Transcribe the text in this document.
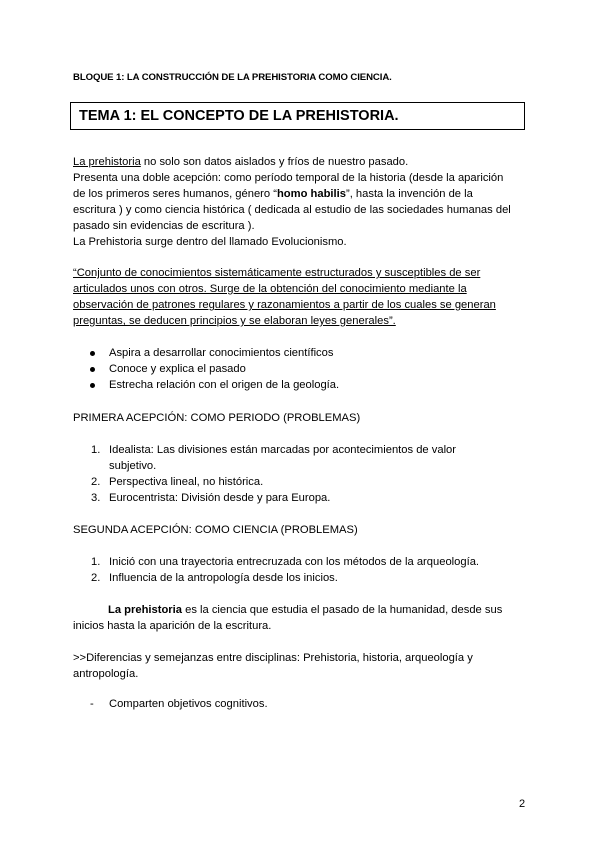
BLOQUE 1: LA CONSTRUCCIÓN DE LA PREHISTORIA COMO CIENCIA.
TEMA 1: EL CONCEPTO DE LA PREHISTORIA.
La prehistoria no solo son datos aislados y fríos de nuestro pasado.
Presenta una doble acepción: como período temporal de la historia (desde la aparición de los primeros seres humanos, género “homo habilis”, hasta la invención de la escritura ) y como ciencia histórica ( dedicada al estudio de las sociedades humanas del pasado sin evidencias de escritura ).
La Prehistoria surge dentro del llamado Evolucionismo.
“Conjunto de conocimientos sistemáticamente estructurados y susceptibles de ser articulados unos con otros. Surge de la obtención del conocimiento mediante la observación de patrones regulares y razonamientos a partir de los cuales se generan preguntas, se deducen principios y se elaboran leyes generales”.
Aspira a desarrollar conocimientos científicos
Conoce y explica el pasado
Estrecha relación con el origen de la geología.
PRIMERA ACEPCIÓN: COMO PERIODO (PROBLEMAS)
1. Idealista: Las divisiones están marcadas por acontecimientos de valor subjetivo.
2. Perspectiva lineal, no histórica.
3. Eurocentrista: División desde y para Europa.
SEGUNDA ACEPCIÓN: COMO CIENCIA (PROBLEMAS)
1. Inició con una trayectoria entrecruzada con los métodos de la arqueología.
2. Influencia de la antropología desde los inicios.
La prehistoria es la ciencia que estudia el pasado de la humanidad, desde sus inicios hasta la aparición de la escritura.
>>Diferencias y semejanzas entre disciplinas: Prehistoria, historia, arqueología y antropología.
- Comparten objetivos cognitivos.
2
